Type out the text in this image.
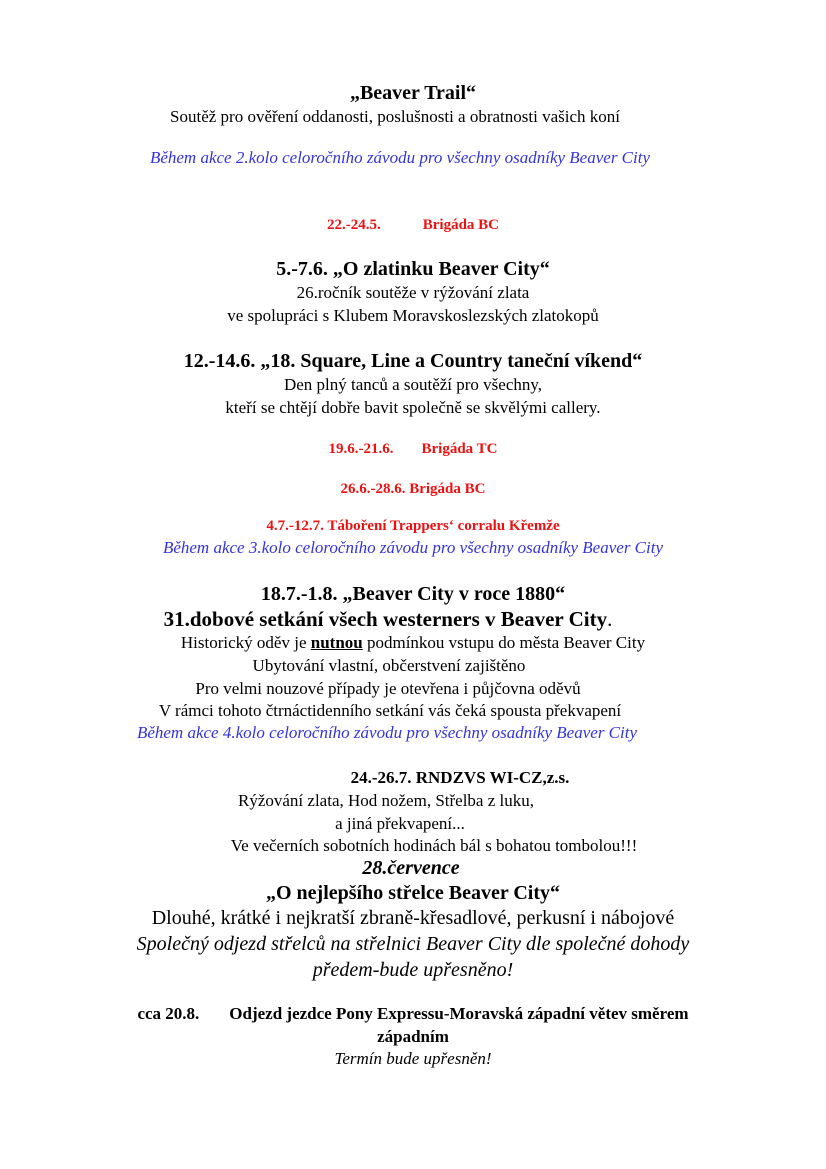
„Beaver Trail“
Soutěž pro ověření oddanosti, poslušnosti a obratnosti vašich koní
Během akce 2.kolo celoročního závodu pro všechny osadníky Beaver City
22.-24.5.	Brigáda BC
5.-7.6. „O zlatinku Beaver City“
26.ročník soutěže v rýžování zlata
ve spolupráci s Klubem Moravskoslezských zlatokopů
12.-14.6. „18. Square, Line a Country taneční víkend“
Den plný tanců a soutěží pro všechny,
kteří se chtějí dobře bavit společně se skvělými callery.
19.6.-21.6. Brigáda TC
26.6.-28.6. Brigáda BC
4.7.-12.7. Táboření Trappers‘ corralu Křemže
Během akce 3.kolo celoročního závodu pro všechny osadníky Beaver City
18.7.-1.8. „Beaver City v roce 1880“
31.dobové setkání všech westerners v Beaver City.
Historický oděv je nutnou podmínkou vstupu do města Beaver City
Ubytování vlastní, občerstvení zajištěno
Pro velmi nouzové případy je otevřena i půjčovna oděvů
V rámci tohoto čtrnáctidenního setkání vás čeká spousta překvapení
Během akce 4.kolo celoročního závodu pro všechny osadníky Beaver City
24.-26.7. RNDZVS WI-CZ,z.s.
Rýžování zlata, Hod nožem, Střelba z luku,
a jiná překvapení...
Ve večerních sobotních hodinách bál s bohatou tombolou!!!
28.července
„O nejlepšího střelce Beaver City“
Dlouhé, krátké i nejkratší zbraně-křesadlové, perkusní i nábojové
Společný odjezd střelců na střelnici Beaver City dle společné dohody
předem-bude upřesněno!
cca 20.8. Odjezd jezdce Pony Expressu-Moravská západní větev směrem
západním
Termín bude upřesněn!
